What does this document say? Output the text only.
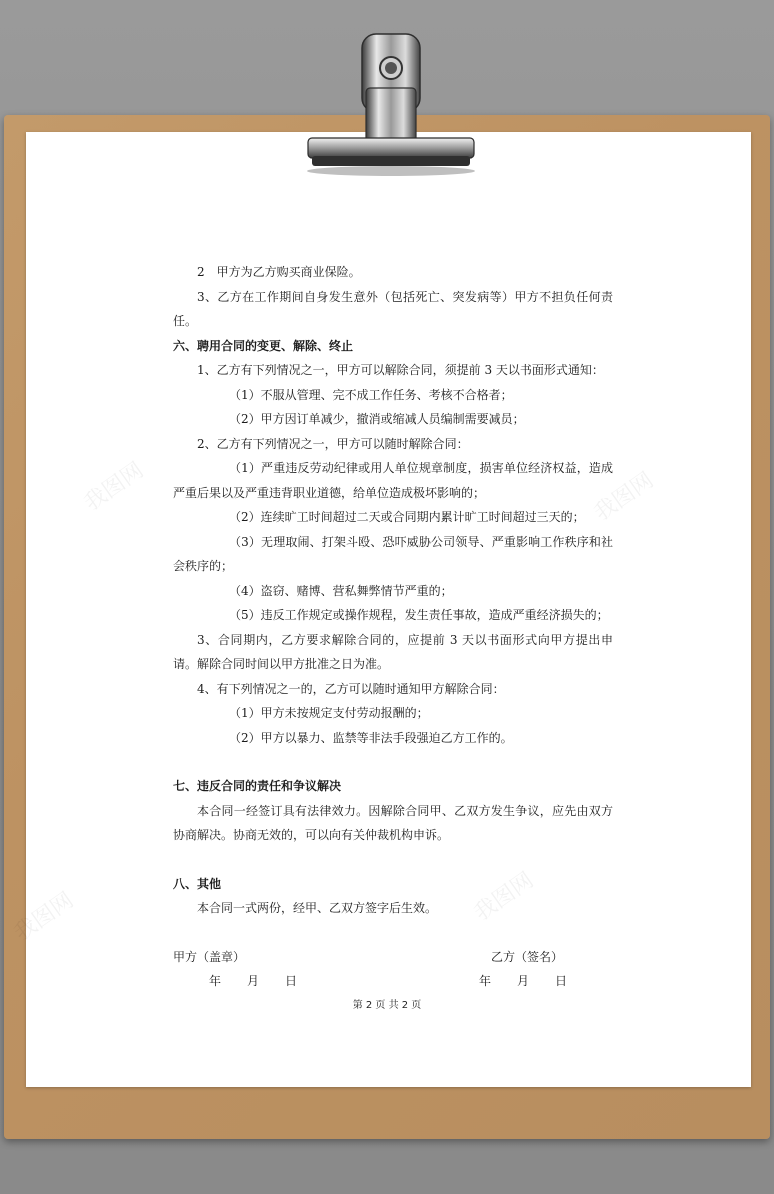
2　甲方为乙方购买商业保险。
3、乙方在工作期间自身发生意外（包括死亡、突发病等）甲方不担负任何责任。
六、聘用合同的变更、解除、终止
1、乙方有下列情况之一，甲方可以解除合同，须提前 3 天以书面形式通知：
（1）不服从管理、完不成工作任务、考核不合格者；
（2）甲方因订单减少，撤消或缩减人员编制需要减员；
2、乙方有下列情况之一，甲方可以随时解除合同：
（1）严重违反劳动纪律或用人单位规章制度，损害单位经济权益，造成严重后果以及严重违背职业道德，给单位造成极坏影响的；
（2）连续旷工时间超过二天或合同期内累计旷工时间超过三天的；
（3）无理取闹、打架斗殴、恐吓威胁公司领导、严重影响工作秩序和社会秩序的；
（4）盗窃、赌博、营私舞弊情节严重的；
（5）违反工作规定或操作规程，发生责任事故，造成严重经济损失的；
3、合同期内，乙方要求解除合同的，应提前 3 天以书面形式向甲方提出申请。解除合同时间以甲方批准之日为准。
4、有下列情况之一的，乙方可以随时通知甲方解除合同：
（1）甲方未按规定支付劳动报酬的；
（2）甲方以暴力、监禁等非法手段强迫乙方工作的。
七、违反合同的责任和争议解决
本合同一经签订具有法律效力。因解除合同甲、乙双方发生争议，应先由双方协商解决。协商无效的，可以向有关仲裁机构申诉。
八、其他
本合同一式两份，经甲、乙双方签字后生效。
甲方（盖章）	乙方（签名）
年 月 日	年 月 日
第 2 页 共 2 页
